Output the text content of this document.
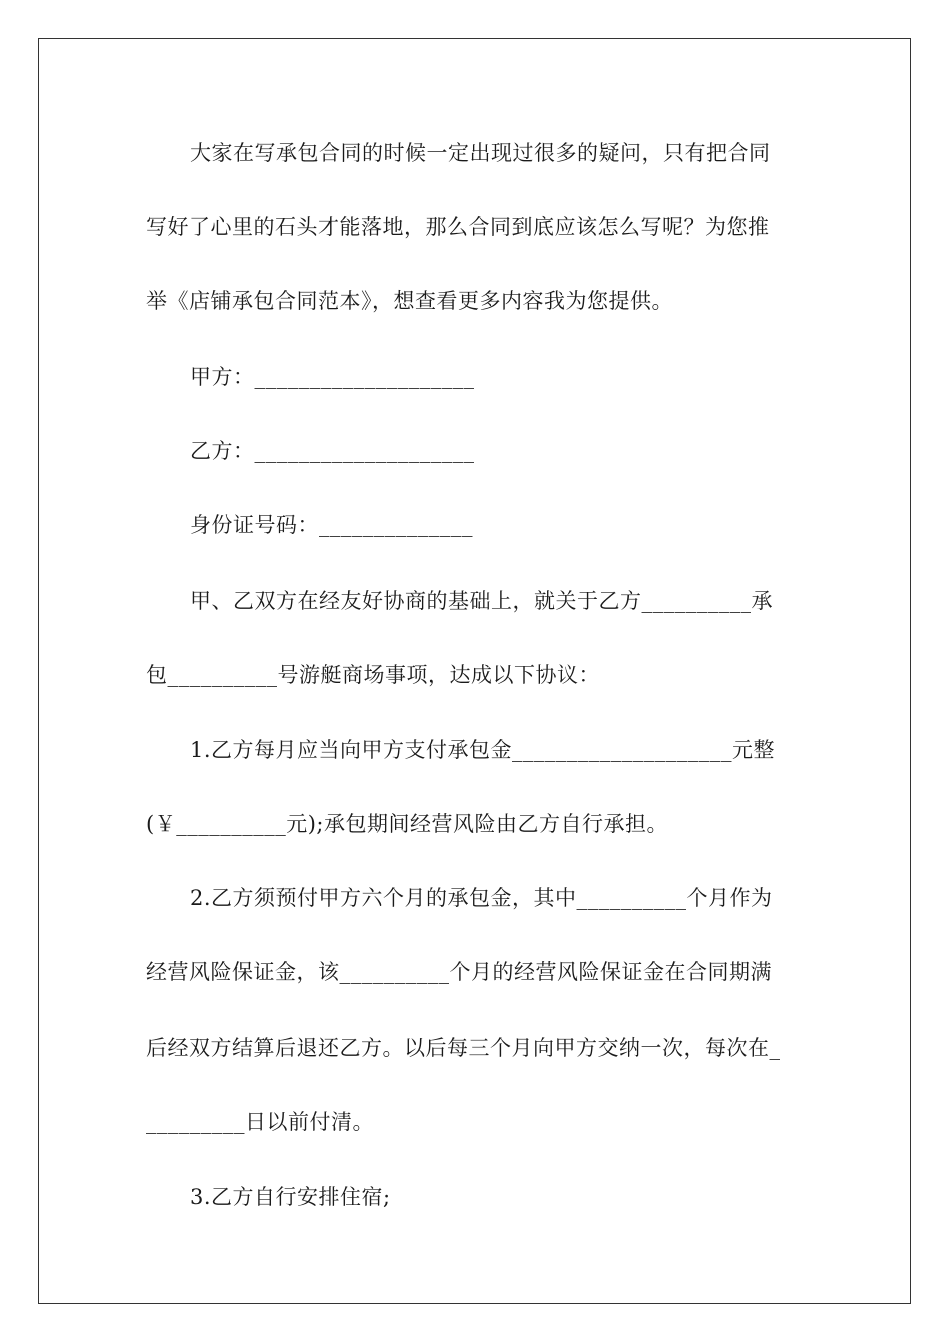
大家在写承包合同的时候一定出现过很多的疑问，只有把合同
写好了心里的石头才能落地，那么合同到底应该怎么写呢？为您推
举《店铺承包合同范本》，想查看更多内容我为您提供。
甲方：____________________
乙方：____________________
身份证号码：______________
甲、乙双方在经友好协商的基础上，就关于乙方__________承
包__________号游艇商场事项，达成以下协议：
1.乙方每月应当向甲方支付承包金____________________元整
(￥__________元);承包期间经营风险由乙方自行承担。
2.乙方须预付甲方六个月的承包金，其中__________个月作为
经营风险保证金，该__________个月的经营风险保证金在合同期满
后经双方结算后退还乙方。以后每三个月向甲方交纳一次，每次在_
_________日以前付清。
3.乙方自行安排住宿;
